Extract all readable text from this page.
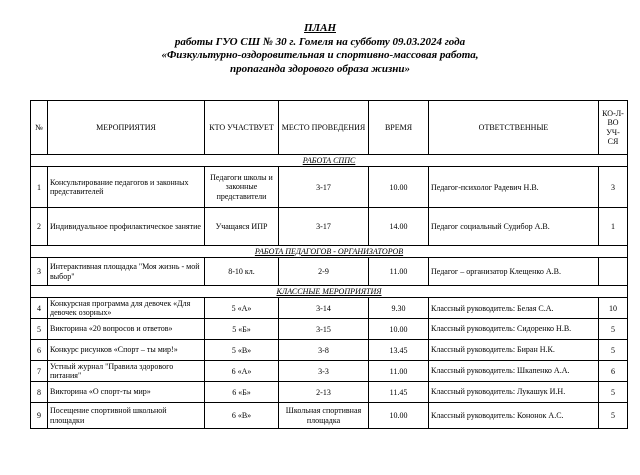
ПЛАН
работы ГУО СШ № 30 г. Гомеля на субботу 09.03.2024 года
«Физкультурно-оздоровительная и спортивно-массовая работа,
пропаганда здорового образа жизни»
№	МЕРОПРИЯТИЯ	КТО УЧАСТВУЕТ	МЕСТО ПРОВЕДЕНИЯ	ВРЕМЯ	ОТВЕТСТВЕННЫЕ	КО-Л-ВО УЧ-СЯ
РАБОТА СППС						
1	Консультирование педагогов и законных представителей	Педагоги школы и законные представители	3-17	10.00	Педагог-психолог Радевич Н.В.	3
2	Индивидуальное профилактическое занятие	Учащаяся ИПР	3-17	14.00	Педагог социальный Судибор А.В.	1
РАБОТА ПЕДАГОГОВ - ОРГАНИЗАТОРОВ						
3	Интерактивная площадка "Моя жизнь - мой выбор"	8-10 кл.	2-9	11.00	Педагог – организатор Клещенко А.В.	
КЛАССНЫЕ МЕРОПРИЯТИЯ						
4	Конкурсная программа для девочек «Для девочек озорных»	5 «А»	3-14	9.30	Классный руководитель: Белая С.А.	10
5	Викторина «20 вопросов и ответов»	5 «Б»	3-15	10.00	Классный руководитель: Сидоренко Н.В.	5
6	Конкурс рисунков «Спорт – ты мир!»	5 «В»	3-8	13.45	Классный руководитель: Биран Н.К.	5
7	Устный журнал "Правила здорового питания"	6 «А»	3-3	11.00	Классный руководитель: Шкапенко А.А.	6
8	Викторина «О спорт-ты мир»	6 «Б»	2-13	11.45	Классный руководитель: Лукашук И.Н.	5
9	Посещение спортивной школьной площадки	6 «В»	Школьная спортивная площадка	10.00	Классный руководитель: Кононок А.С.	5
